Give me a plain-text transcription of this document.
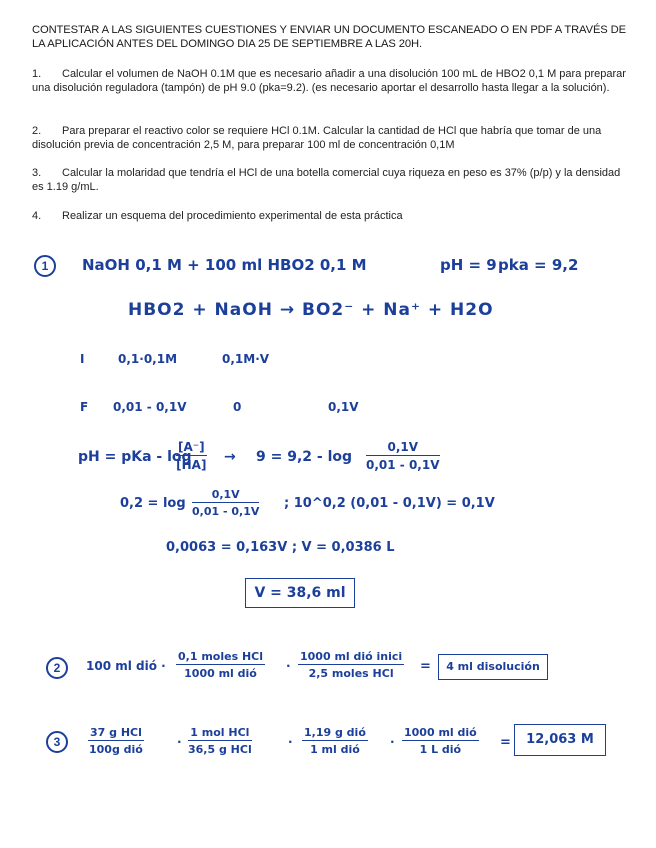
CONTESTAR A LAS SIGUIENTES CUESTIONES Y ENVIAR UN DOCUMENTO ESCANEADO O EN PDF A TRAVÉS DE LA APLICACIÓN ANTES DEL DOMINGO DIA 25 DE SEPTIEMBRE A LAS 20H.
1. Calcular el volumen de NaOH 0.1M que es necesario añadir a una disolución 100 mL de HBO2 0,1 M para preparar una disolución reguladora (tampón) de pH 9.0 (pka=9.2). (es necesario aportar el desarrollo hasta llegar a la solución).
2. Para preparar el reactivo color se requiere HCl 0.1M. Calcular la cantidad de HCl que habría que tomar de una disolución previa de concentración 2,5 M, para preparar 100 ml de concentración 0,1M
3. Calcular la molaridad que tendría el HCl de una botella comercial cuya riqueza en peso es 37% (p/p) y la densidad es 1.19 g/mL.
4. Realizar un esquema del procedimiento experimental de esta práctica
1	NaOH 0,1 M + 100 ml HBO2 0,1 M	pH = 9 pka = 9,2
HBO2 + NaOH → BO2⁻ + Na⁺ + H2O
I	0,1·0,1M	0,1M·V
F 0,01 - 0,1V	0	0,1V
pH = pKa - log
$\frac{[A^-]}{[HA]} \to 9 = 9,2 - \log \frac{0,1V}{0,01 - 0,1V}$
$0,2 = \log \frac{0,1V}{0,01 - 0,1V}$ ; 10^0,2 (0,01 - 0,1V) = 0,1V
0,0063 = 0,163V ; V = 0,0386 L
V = 38,6 ml
2	100 ml dió ·
0,1 moles HCl
1000 ml dió
·
1000 ml dió inici
2,5 moles HCl	=	4 ml disolución
3
37 g HCl
100g dió
·
1 mol HCl
36,5 g HCl
·
1,19 g dió
1 ml dió
·
1000 ml dió
1 L dió	=	12,063 M
